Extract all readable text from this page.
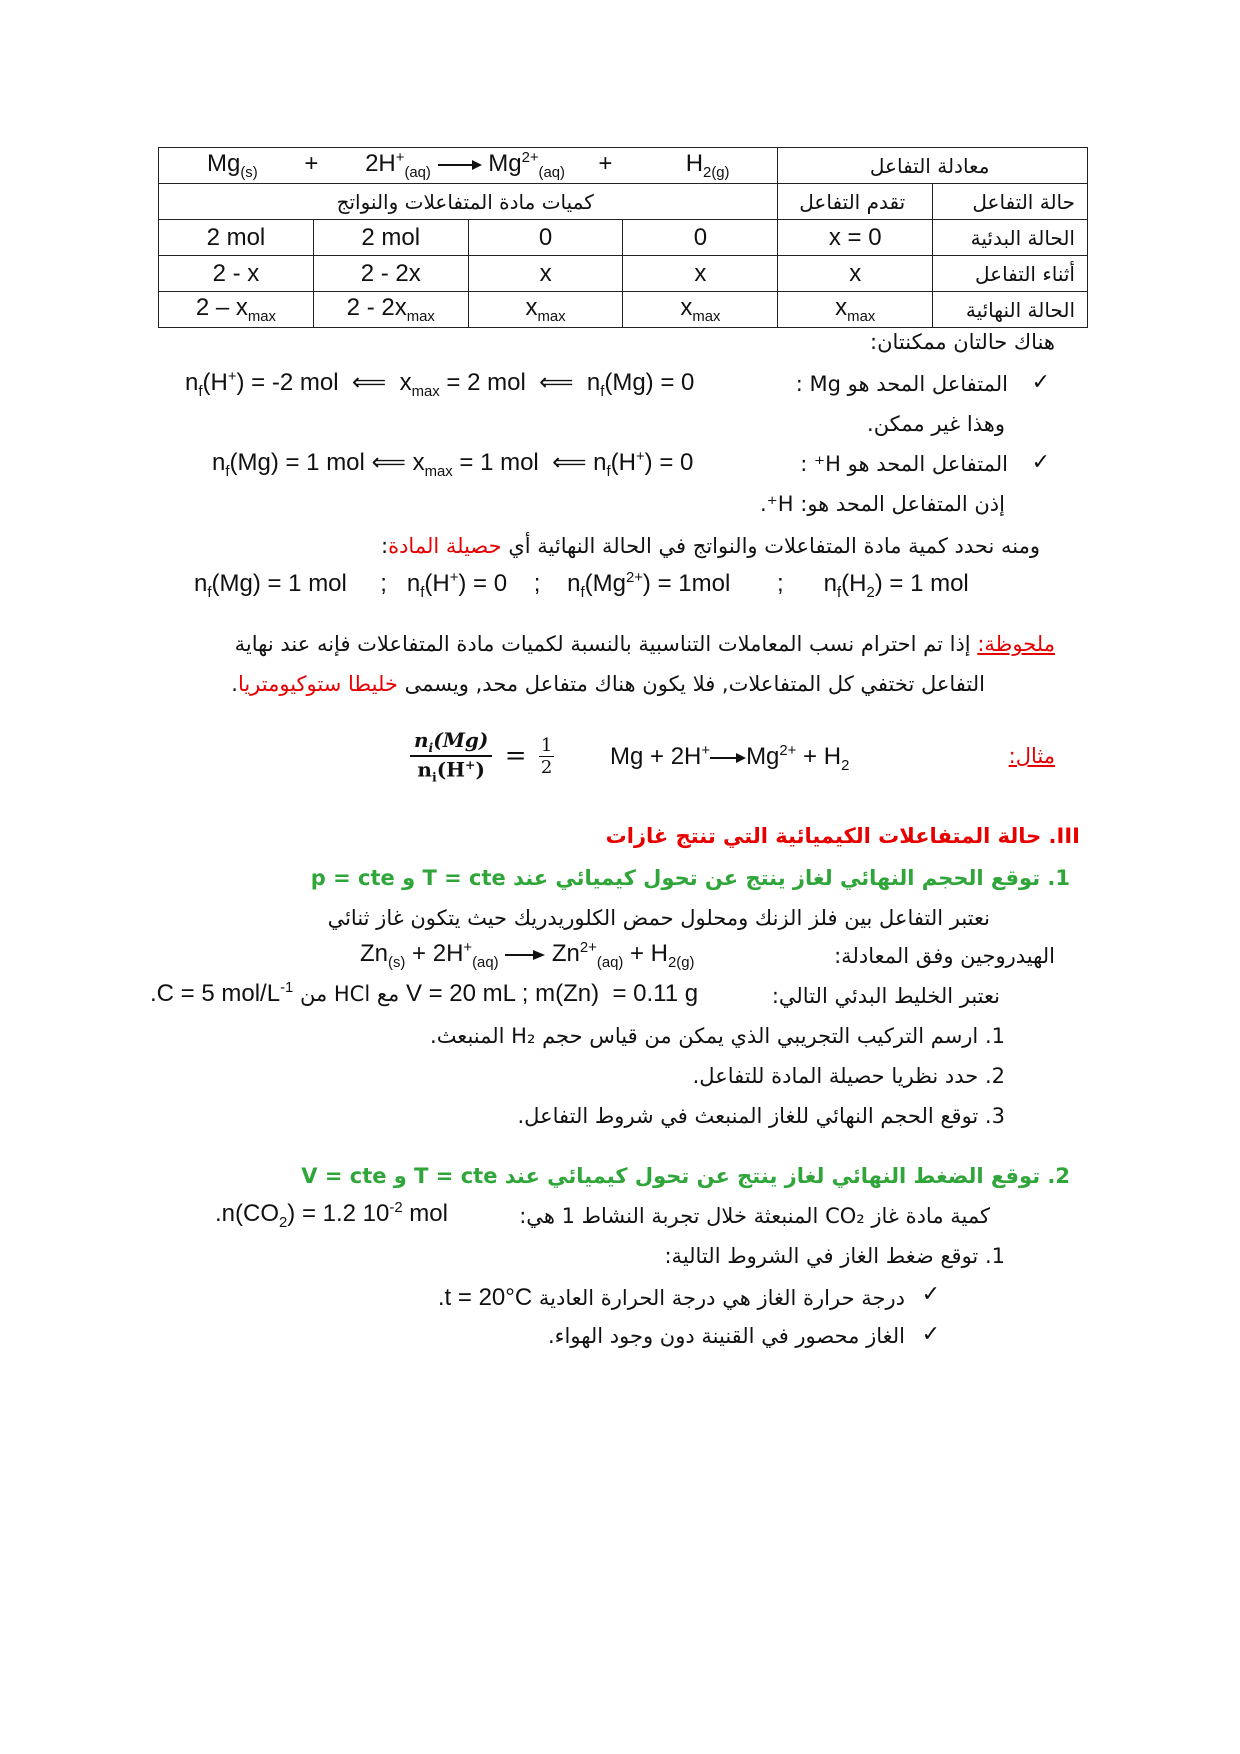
$Mg_{(s)}$       +       $2H^+_{(aq)}$  $Mg^{2+}_{(aq)}$     +           $H_{2(g)}$				معادلة التفاعل	
كميات مادة المتفاعلات والنواتج				تقدم التفاعل	حالة التفاعل
2 mol	2 mol	0	0	x = 0	الحالة البدئية
2 - x	2 - 2x	x	x	x	أثناء التفاعل
$2 - x_{max}$	$2 - 2x_{max}$	$x_{max}$	$x_{max}$	$x_{max}$	الحالة النهائية
هناك حالتان ممكنتان:
$n_f(H^+) = -2$ mol  ⟸  $x_{max} = 2$ mol  ⟸  $n_f(Mg) = 0$	المتفاعل المحد هو Mg : ✓
وهذا غير ممكن.
$n_f(Mg) = 1$ mol ⟸ $x_{max} = 1$ mol  ⟸ $n_f(H^+) = 0$	المتفاعل المحد هو H⁺ : ✓
إذن المتفاعل المحد هو: H⁺.
ومنه نحدد كمية مادة المتفاعلات والنواتج في الحالة النهائية أي حصيلة المادة:
$n_f(Mg) = 1$ mol     ;   $n_f(H^+) = 0$    ;    $n_f(Mg^{2+}) = 1mol$       ;      $n_f(H_2) = 1$ mol
ملحوظة: إذا تم احترام نسب المعاملات التناسبية بالنسبة لكميات مادة المتفاعلات فإنه عند نهاية
التفاعل تختفي كل المتفاعلات, فلا يكون هناك متفاعل محد, ويسمى خليطا ستوكيومتريا.
مثال:
Mg + 2H+ $Mg^{2+} + H_2$
$\frac{n_i(Mg)}{n_i(H^+)} = \frac{1}{2}$
III. حالة المتفاعلات الكيميائية التي تنتج غازات
1. توقع الحجم النهائي لغاز ينتج عن تحول كيميائي عند p = cte و T = cte
نعتبر التفاعل بين فلز الزنك ومحلول حمض الكلوريدريك حيث يتكون غاز ثنائي
الهيدروجين وفق المعادلة:
$Zn_{(s)} + 2H^+_{(aq)}$  $Zn^{2+}_{(aq)} + H_{2(g)}$
نعتبر الخليط البدئي التالي:
.C = 5 mol/$L^{-1}$ من HCl مع V = 20 mL ; m(Zn)  = 0.11 g
1. ارسم التركيب التجريبي الذي يمكن من قياس حجم H₂ المنبعث.
2. حدد نظريا حصيلة المادة للتفاعل.
3. توقع الحجم النهائي للغاز المنبعث في شروط التفاعل.
2. توقع الضغط النهائي لغاز ينتج عن تحول كيميائي عند V = cte و T = cte
كمية مادة غاز CO₂ المنبعثة خلال تجربة النشاط 1 هي:
$.n(CO_2) = 1.2$ $10^{-2}$ mol
1. توقع ضغط الغاز في الشروط التالية:
✓
درجة حرارة الغاز هي درجة الحرارة العادية .t = 20°C
✓
الغاز محصور في القنينة دون وجود الهواء.
